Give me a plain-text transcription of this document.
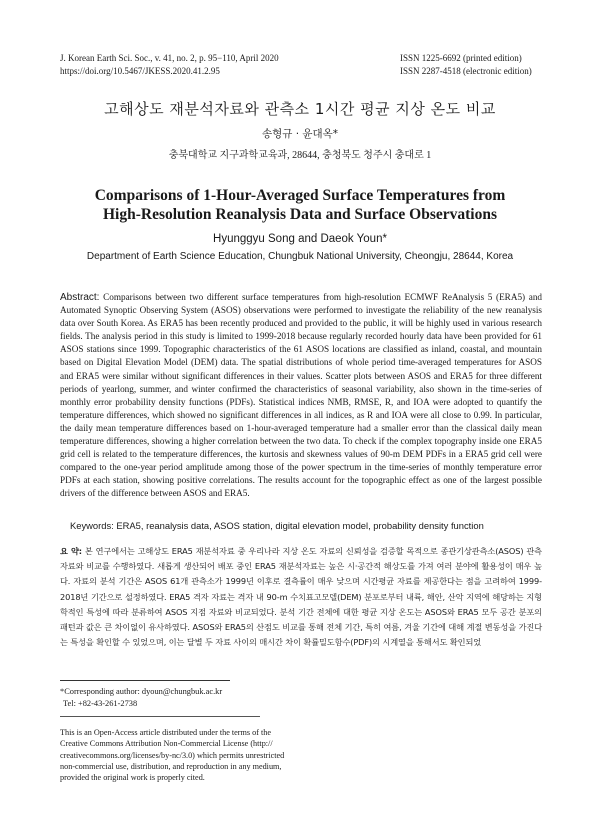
J. Korean Earth Sci. Soc., v. 41, no. 2, p. 95−110, April 2020
https://doi.org/10.5467/JKESS.2020.41.2.95
ISSN 1225-6692 (printed edition)
ISSN 2287-4518 (electronic edition)
고해상도 재분석자료와 관측소 1시간 평균 지상 온도 비교
송형규 · 윤대옥*
충북대학교 지구과학교육과, 28644, 충청북도 청주시 충대로 1
Comparisons of 1-Hour-Averaged Surface Temperatures from
High-Resolution Reanalysis Data and Surface Observations
Hyunggyu Song and Daeok Youn*
Department of Earth Science Education, Chungbuk National University, Cheongju, 28644, Korea
Abstract: Comparisons between two different surface temperatures from high-resolution ECMWF ReAnalysis 5 (ERA5) and Automated Synoptic Observing System (ASOS) observations were performed to investigate the reliability of the new reanalysis data over South Korea. As ERA5 has been recently produced and provided to the public, it will be highly used in various research fields. The analysis period in this study is limited to 1999-2018 because regularly recorded hourly data have been provided for 61 ASOS stations since 1999. Topographic characteristics of the 61 ASOS locations are classified as inland, coastal, and mountain based on Digital Elevation Model (DEM) data. The spatial distributions of whole period time-averaged temperatures for ASOS and ERA5 were similar without significant differences in their values. Scatter plots between ASOS and ERA5 for three different periods of yearlong, summer, and winter confirmed the characteristics of seasonal variability, also shown in the time-series of monthly error probability density functions (PDFs). Statistical indices NMB, RMSE, R, and IOA were adopted to quantify the temperature differences, which showed no significant differences in all indices, as R and IOA were all close to 0.99. In particular, the daily mean temperature differences based on 1-hour-averaged temperature had a smaller error than the classical daily mean temperature differences, showing a higher correlation between the two data. To check if the complex topography inside one ERA5 grid cell is related to the temperature differences, the kurtosis and skewness values of 90-m DEM PDFs in a ERA5 grid cell were compared to the one-year period amplitude among those of the power spectrum in the time-series of monthly temperature error PDFs at each station, showing positive correlations. The results account for the topographic effect as one of the largest possible drivers of the difference between ASOS and ERA5.
Keywords: ERA5, reanalysis data, ASOS station, digital elevation model, probability density function
요 약: 본 연구에서는 고해상도 ERA5 재분석자료 중 우리나라 지상 온도 자료의 신뢰성을 검증할 목적으로 종관기상관측소(ASOS) 관측자료와 비교를 수행하였다. 새롭게 생산되어 배포 중인 ERA5 재분석자료는 높은 시·공간적 해상도를 가져 여러 분야에 활용성이 매우 높다. 자료의 분석 기간은 ASOS 61개 관측소가 1999년 이후로 결측률이 매우 낮으며 시간평균 자료를 제공한다는 점을 고려하여 1999-2018년 기간으로 설정하였다. ERA5 격자 자료는 격자 내 90-m 수치표고모델(DEM) 분포로부터 내륙, 해안, 산악 지역에 해당하는 지형학적인 특성에 따라 분류하여 ASOS 지점 자료와 비교되었다. 분석 기간 전체에 대한 평균 지상 온도는 ASOS와 ERA5 모두 공간 분포의 패턴과 값은 큰 차이없이 유사하였다. ASOS와 ERA5의 산점도 비교를 통해 전체 기간, 특히 여름, 겨울 기간에 대해 계절 변동성을 가진다는 특성을 확인할 수 있었으며, 이는 달별 두 자료 사이의 매시간 차이 확률밀도함수(PDF)의 시계열을 통해서도 확인되었
*Corresponding author: dyoun@chungbuk.ac.kr
Tel: +82-43-261-2738
This is an Open-Access article distributed under the terms of the
Creative Commons Attribution Non-Commercial License (http://
creativecommons.org/licenses/by-nc/3.0) which permits unrestricted
non-commercial use, distribution, and reproduction in any medium,
provided the original work is properly cited.
